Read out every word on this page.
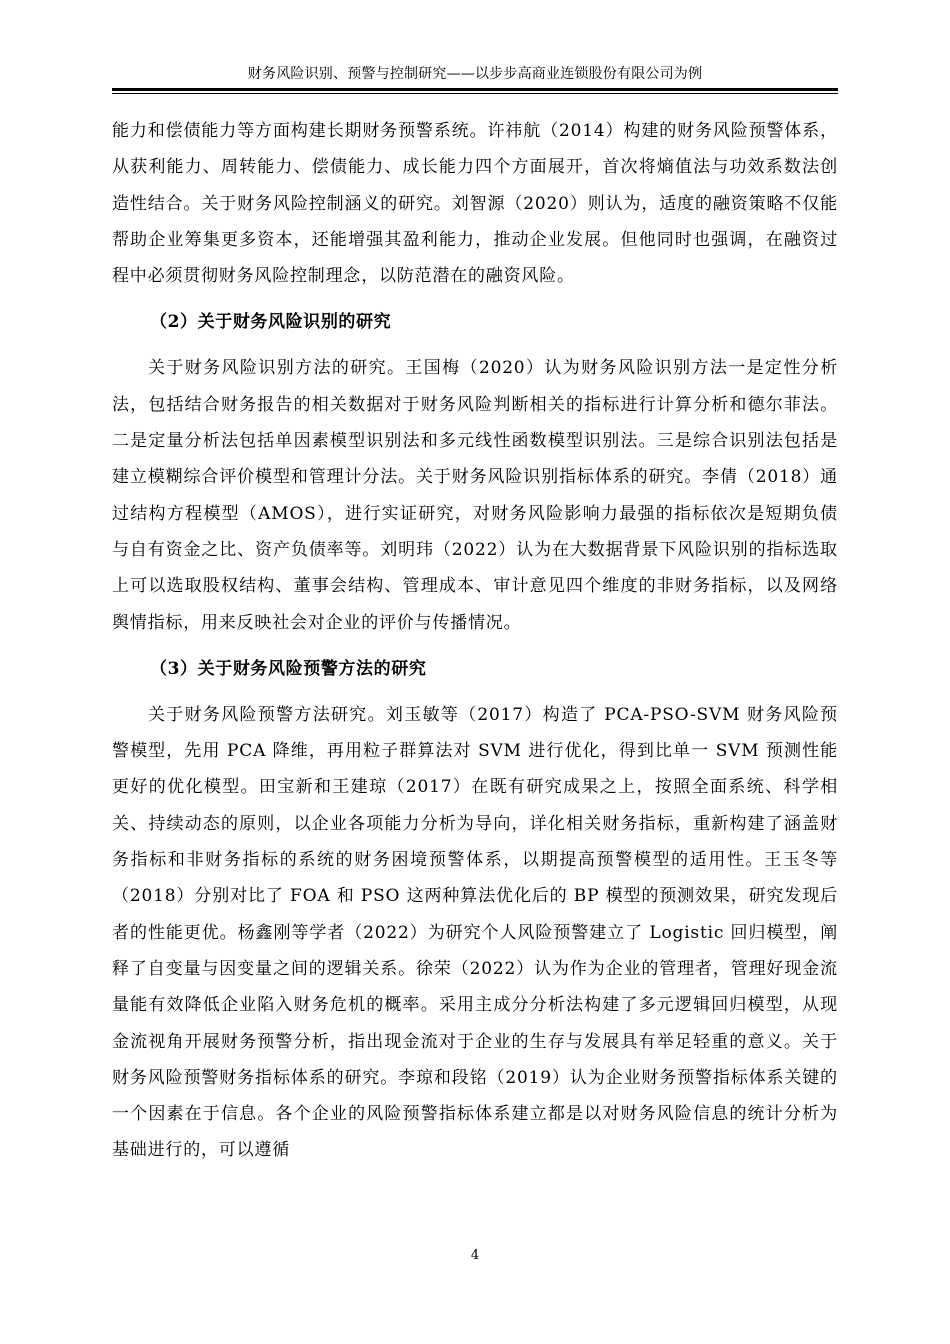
财务风险识别、预警与控制研究——以步步高商业连锁股份有限公司为例

能力和偿债能力等方面构建长期财务预警系统。许祎航（2014）构建的财务风险预警体系，从获利能力、周转能力、偿债能力、成长能力四个方面展开，首次将熵值法与功效系数法创造性结合。关于财务风险控制涵义的研究。刘智源（2020）则认为，适度的融资策略不仅能帮助企业筹集更多资本，还能增强其盈利能力，推动企业发展。但他同时也强调，在融资过程中必须贯彻财务风险控制理念，以防范潜在的融资风险。

（2）关于财务风险识别的研究

关于财务风险识别方法的研究。王国梅（2020）认为财务风险识别方法一是定性分析法，包括结合财务报告的相关数据对于财务风险判断相关的指标进行计算分析和德尔菲法。二是定量分析法包括单因素模型识别法和多元线性函数模型识别法。三是综合识别法包括是建立模糊综合评价模型和管理计分法。关于财务风险识别指标体系的研究。李倩（2018）通过结构方程模型（AMOS），进行实证研究，对财务风险影响力最强的指标依次是短期负债与自有资金之比、资产负债率等。刘明玮（2022）认为在大数据背景下风险识别的指标选取上可以选取股权结构、董事会结构、管理成本、审计意见四个维度的非财务指标，以及网络舆情指标，用来反映社会对企业的评价与传播情况。

（3）关于财务风险预警方法的研究

关于财务风险预警方法研究。刘玉敏等（2017）构造了 PCA-PSO-SVM 财务风险预警模型，先用 PCA 降维，再用粒子群算法对 SVM 进行优化，得到比单一 SVM 预测性能更好的优化模型。田宝新和王建琼（2017）在既有研究成果之上，按照全面系统、科学相关、持续动态的原则，以企业各项能力分析为导向，详化相关财务指标，重新构建了涵盖财务指标和非财务指标的系统的财务困境预警体系，以期提高预警模型的适用性。王玉冬等（2018）分别对比了 FOA 和 PSO 这两种算法优化后的 BP 模型的预测效果，研究发现后者的性能更优。杨鑫刚等学者（2022）为研究个人风险预警建立了 Logistic 回归模型，阐释了自变量与因变量之间的逻辑关系。徐荣（2022）认为作为企业的管理者，管理好现金流量能有效降低企业陷入财务危机的概率。采用主成分分析法构建了多元逻辑回归模型，从现金流视角开展财务预警分析，指出现金流对于企业的生存与发展具有举足轻重的意义。关于财务风险预警财务指标体系的研究。李琼和段铭（2019）认为企业财务预警指标体系关键的一个因素在于信息。各个企业的风险预警指标体系建立都是以对财务风险信息的统计分析为基础进行的，可以遵循

4
